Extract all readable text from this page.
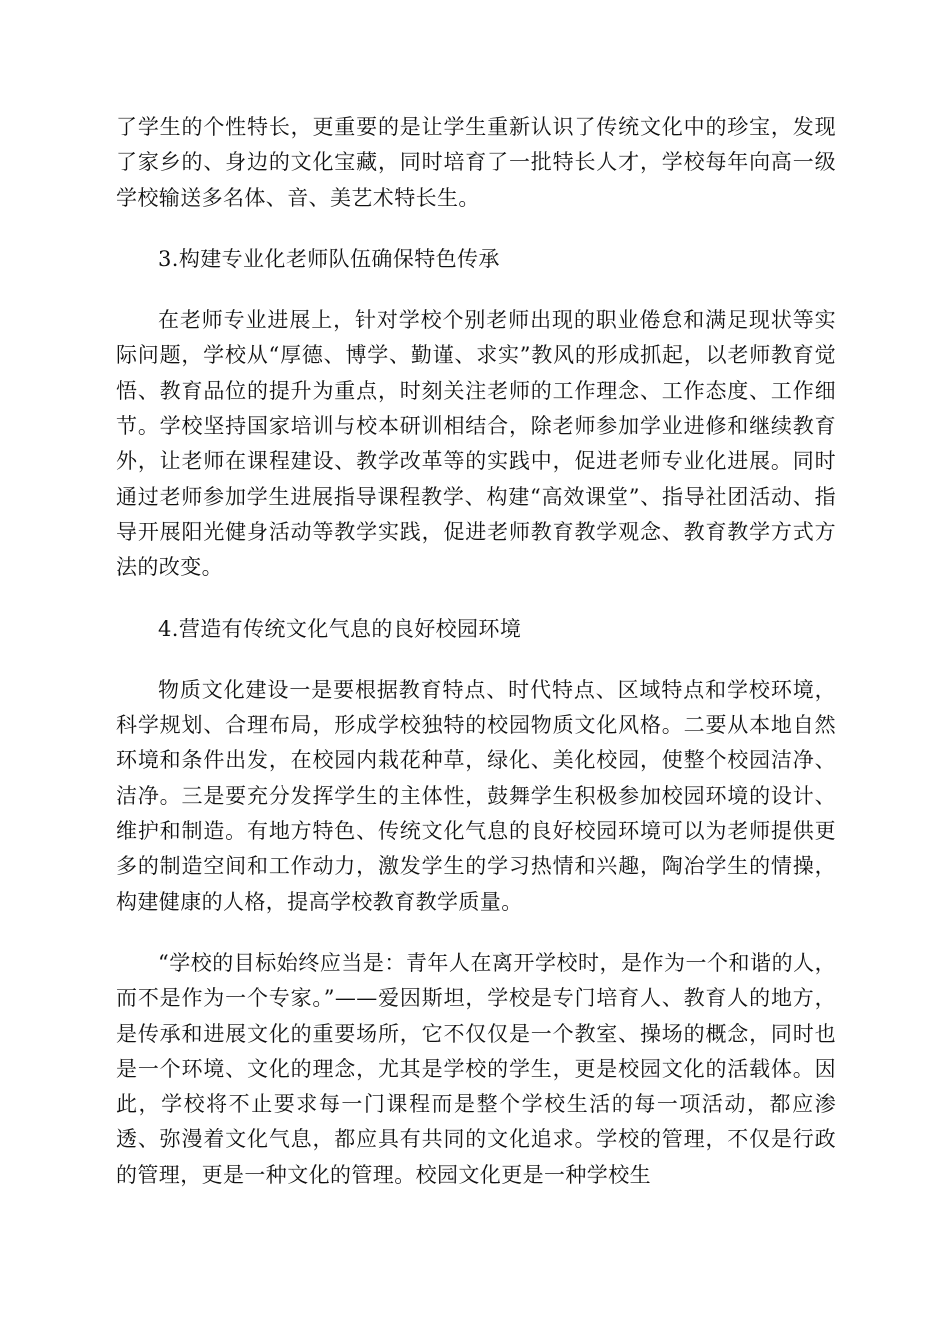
了学生的个性特长，更重要的是让学生重新认识了传统文化中的珍宝，发现了家乡的、身边的文化宝藏，同时培育了一批特长人才，学校每年向高一级学校输送多名体、音、美艺术特长生。

3.构建专业化老师队伍确保特色传承

在老师专业进展上，针对学校个别老师出现的职业倦怠和满足现状等实际问题，学校从“厚德、博学、勤谨、求实”教风的形成抓起，以老师教育觉悟、教育品位的提升为重点，时刻关注老师的工作理念、工作态度、工作细节。学校坚持国家培训与校本研训相结合，除老师参加学业进修和继续教育外，让老师在课程建设、教学改革等的实践中，促进老师专业化进展。同时通过老师参加学生进展指导课程教学、构建“高效课堂”、指导社团活动、指导开展阳光健身活动等教学实践，促进老师教育教学观念、教育教学方式方法的改变。

4.营造有传统文化气息的良好校园环境

物质文化建设一是要根据教育特点、时代特点、区域特点和学校环境，科学规划、合理布局，形成学校独特的校园物质文化风格。二要从本地自然环境和条件出发，在校园内栽花种草，绿化、美化校园，使整个校园洁净、洁净。三是要充分发挥学生的主体性，鼓舞学生积极参加校园环境的设计、维护和制造。有地方特色、传统文化气息的良好校园环境可以为老师提供更多的制造空间和工作动力，激发学生的学习热情和兴趣，陶冶学生的情操，构建健康的人格，提高学校教育教学质量。

“学校的目标始终应当是：青年人在离开学校时，是作为一个和谐的人，而不是作为一个专家。”——爱因斯坦，学校是专门培育人、教育人的地方，是传承和进展文化的重要场所，它不仅仅是一个教室、操场的概念，同时也是一个环境、文化的理念，尤其是学校的学生，更是校园文化的活载体。因此，学校将不止要求每一门课程而是整个学校生活的每一项活动，都应渗透、弥漫着文化气息，都应具有共同的文化追求。学校的管理，不仅是行政的管理，更是一种文化的管理。校园文化更是一种学校生
